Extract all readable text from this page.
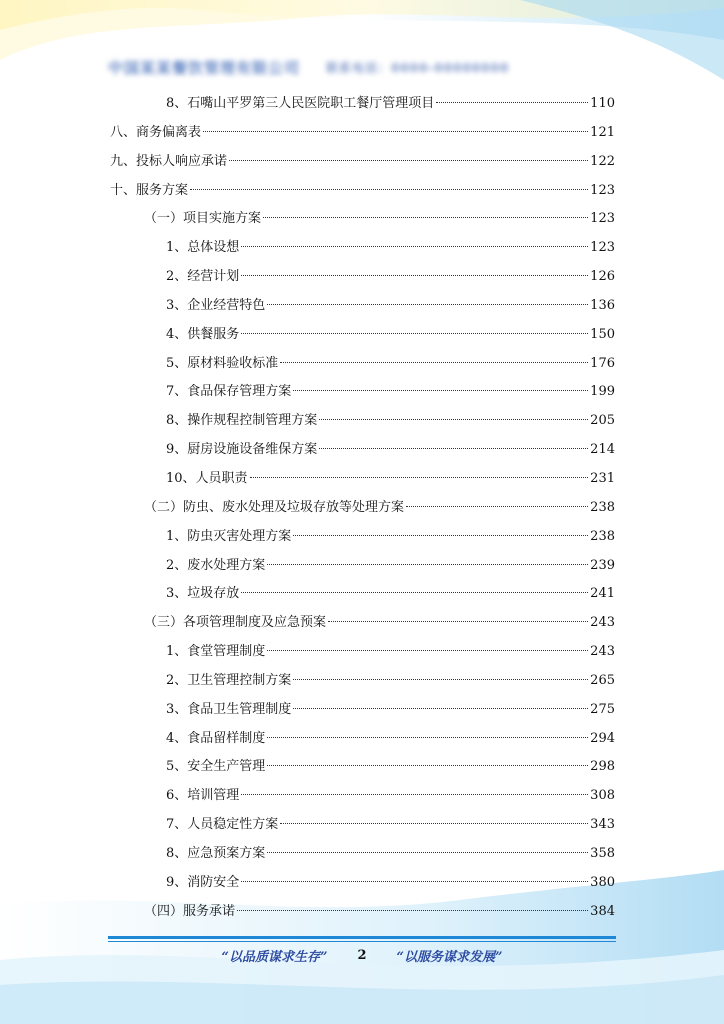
中国某某餐饮管理有限公司 联系电话：0000-00000000
8、石嘴山平罗第三人民医院职工餐厅管理项目	110
八、商务偏离表	121
九、投标人响应承诺	122
十、服务方案	123
（一）项目实施方案	123
1、总体设想	123
2、经营计划	126
3、企业经营特色	136
4、供餐服务	150
5、原材料验收标准	176
7、食品保存管理方案	199
8、操作规程控制管理方案	205
9、厨房设施设备维保方案	214
10、人员职责	231
（二）防虫、废水处理及垃圾存放等处理方案	238
1、防虫灭害处理方案	238
2、废水处理方案	239
3、垃圾存放	241
（三）各项管理制度及应急预案	243
1、食堂管理制度	243
2、卫生管理控制方案	265
3、食品卫生管理制度	275
4、食品留样制度	294
5、安全生产管理	298
6、培训管理	308
7、人员稳定性方案	343
8、应急预案方案	358
9、消防安全	380
（四）服务承诺	384
“以品质谋求生存” 2 “以服务谋求发展”
